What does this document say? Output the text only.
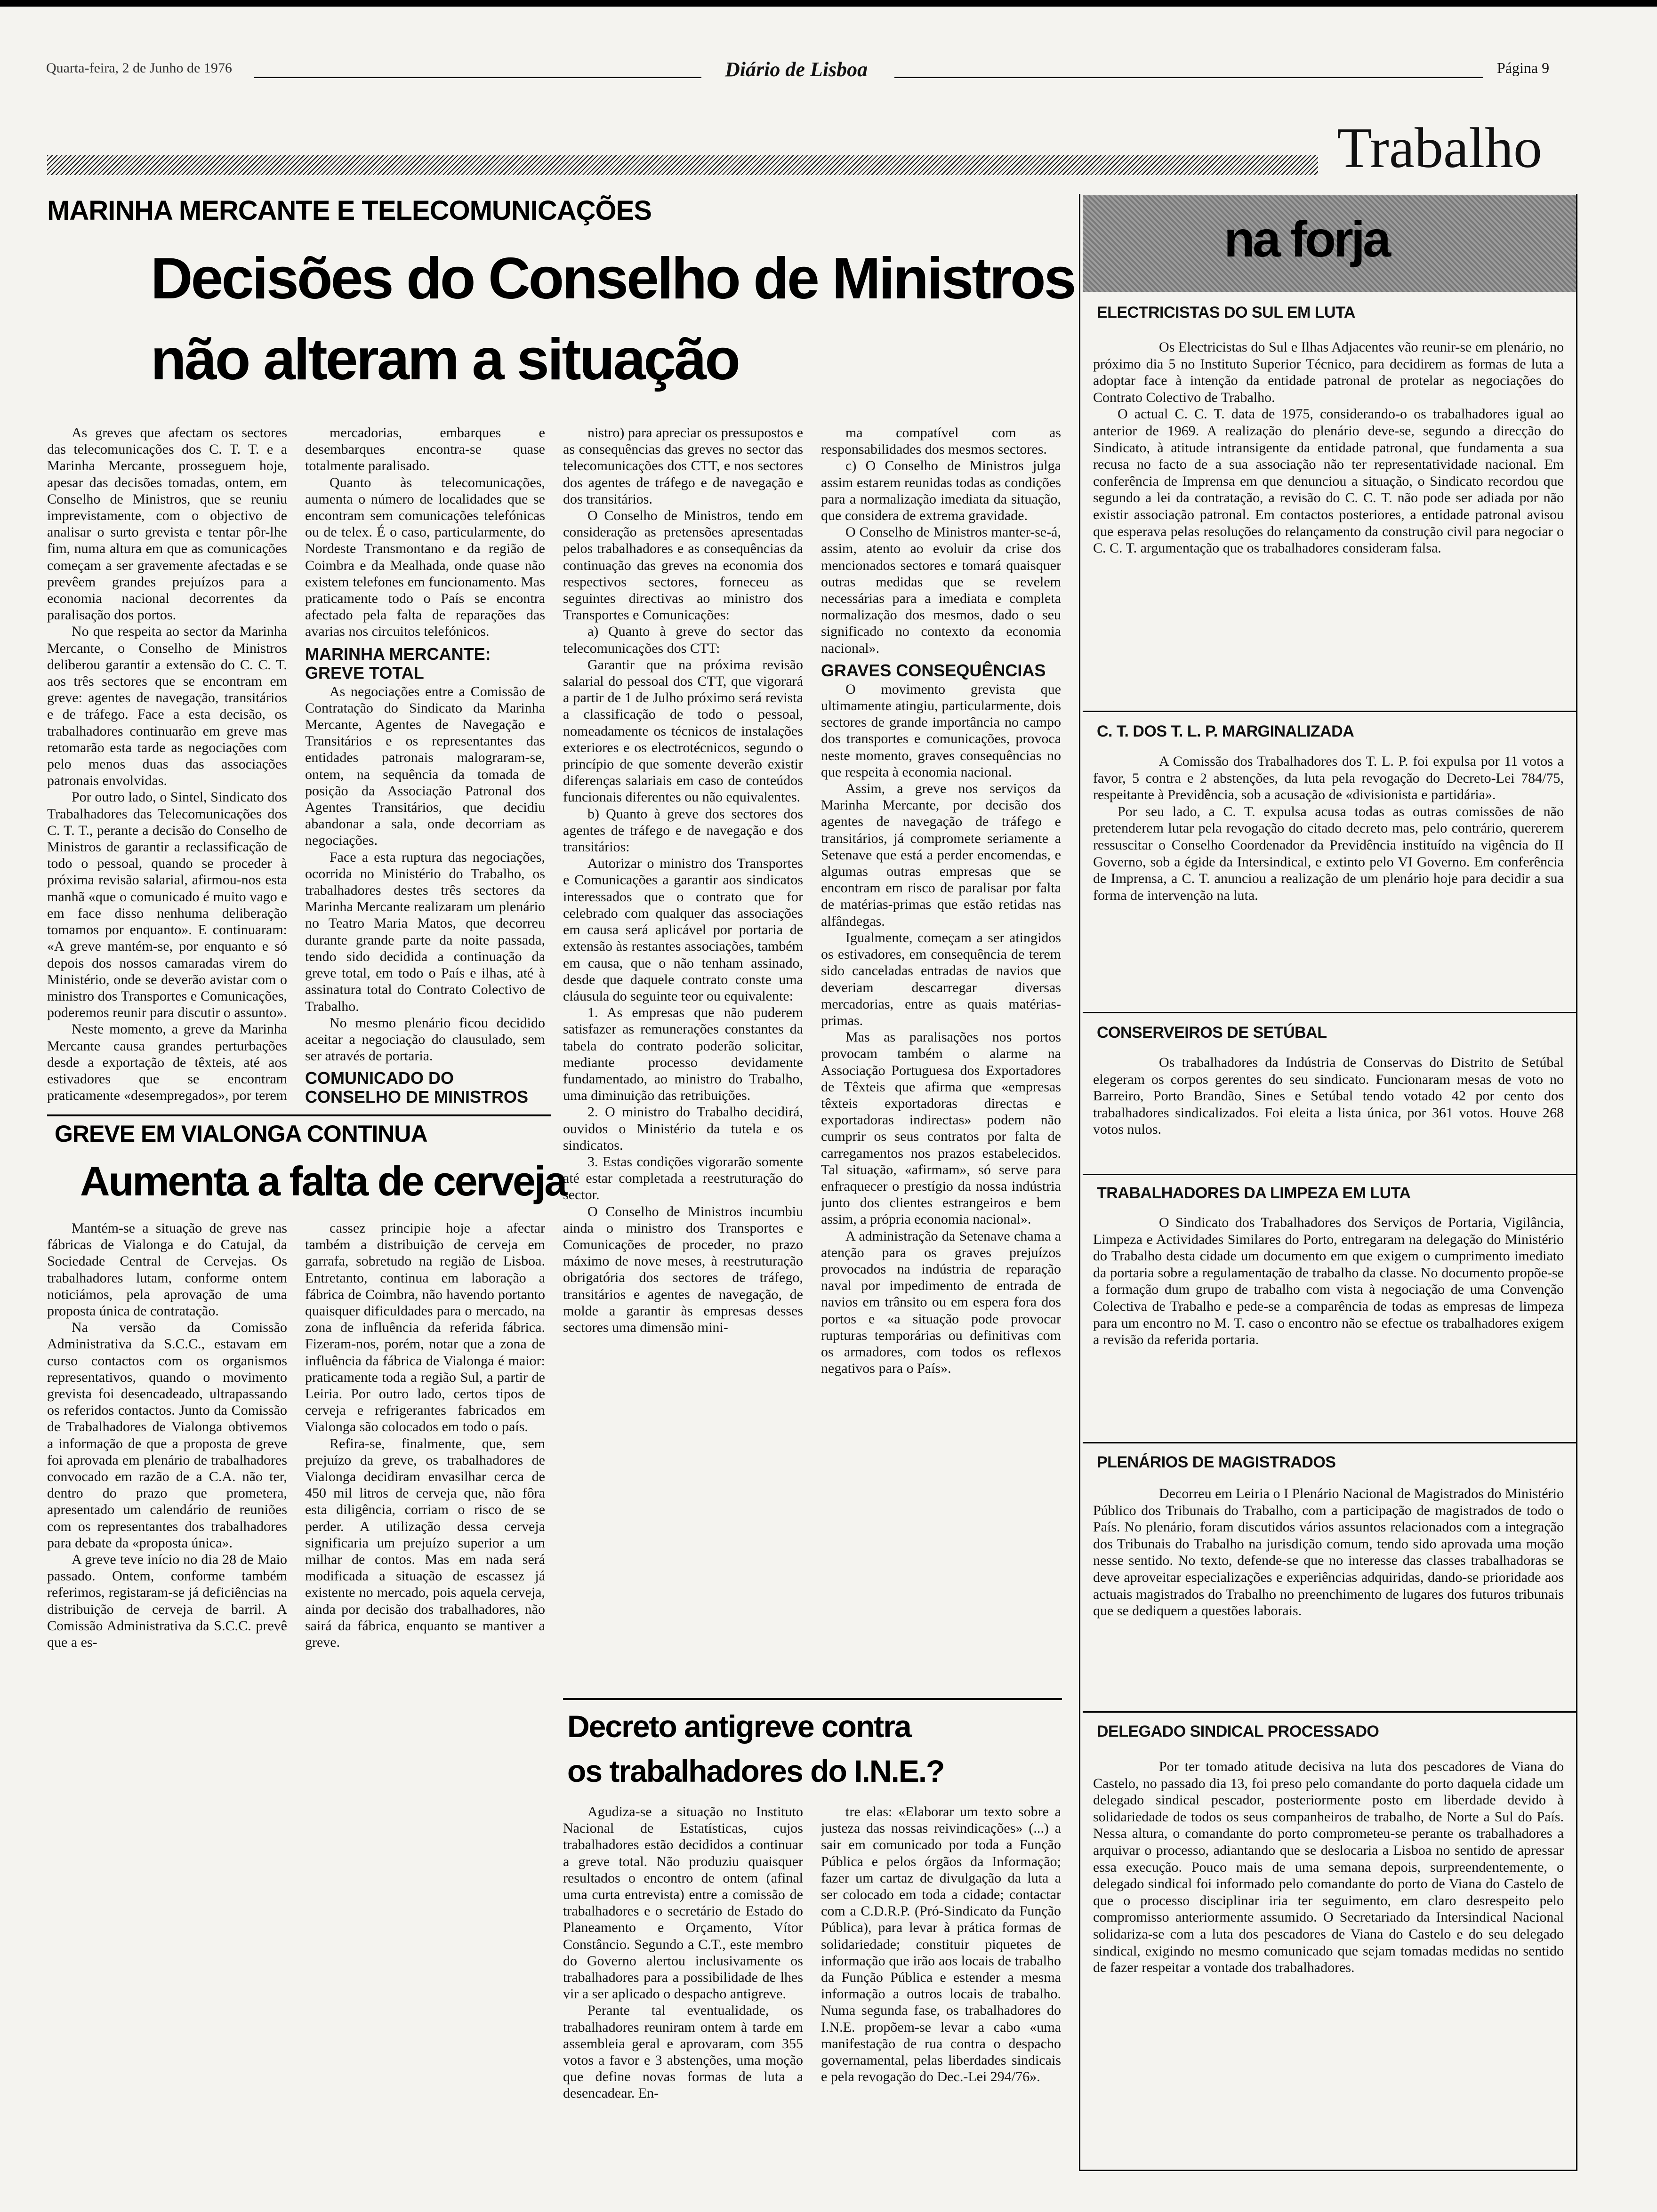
Quarta-feira, 2 de Junho de 1976	Diário de Lisboa	Página 9
Trabalho
MARINHA MERCANTE E TELECOMUNICAÇÕES
Decisões do Conselho de Ministros
não alteram a situação

As greves que afectam os sectores das telecomunicações dos C. T. T. e a Marinha Mercante, prosseguem hoje, apesar das decisões tomadas, ontem, em Conselho de Ministros, que se reuniu imprevistamente, com o objectivo de analisar o surto grevista e tentar pôr-lhe fim, numa altura em que as comunicações começam a ser gravemente afectadas e se prevêem grandes prejuízos para a economia nacional decorrentes da paralisação dos portos.

No que respeita ao sector da Marinha Mercante, o Conselho de Ministros deliberou garantir a extensão do C. C. T. aos três sectores que se encontram em greve: agentes de navegação, transitários e de tráfego. Face a esta decisão, os trabalhadores continuarão em greve mas retomarão esta tarde as negociações com pelo menos duas das associações patronais envolvidas.

Por outro lado, o Sintel, Sindicato dos Trabalhadores das Telecomunicações dos C. T. T., perante a decisão do Conselho de Ministros de garantir a reclassificação de todo o pessoal, quando se proceder à próxima revisão salarial, afirmou-nos esta manhã «que o comunicado é muito vago e em face disso nenhuma deliberação tomamos por enquanto». E continuaram: «A greve mantém-se, por enquanto e só depois dos nossos camaradas virem do Ministério, onde se deverão avistar com o ministro dos Transportes e Comunicações, poderemos reunir para discutir o assunto».

Neste momento, a greve da Marinha Mercante causa grandes perturbações desde a exportação de têxteis, até aos estivadores que se encontram praticamente «desempregados», por terem

mercadorias, embarques e desembarques encontra-se quase totalmente paralisado.

Quanto às telecomunicações, aumenta o número de localidades que se encontram sem comunicações telefónicas ou de telex. É o caso, particularmente, do Nordeste Transmontano e da região de Coimbra e da Mealhada, onde quase não existem telefones em funcionamento. Mas praticamente todo o País se encontra afectado pela falta de reparações das avarias nos circuitos telefónicos.

MARINHA MERCANTE: GREVE TOTAL

As negociações entre a Comissão de Contratação do Sindicato da Marinha Mercante, Agentes de Navegação e Transitários e os representantes das entidades patronais malograram-se, ontem, na sequência da tomada de posição da Associação Patronal dos Agentes Transitários, que decidiu abandonar a sala, onde decorriam as negociações.

Face a esta ruptura das negociações, ocorrida no Ministério do Trabalho, os trabalhadores destes três sectores da Marinha Mercante realizaram um plenário no Teatro Maria Matos, que decorreu durante grande parte da noite passada, tendo sido decidida a continuação da greve total, em todo o País e ilhas, até à assinatura total do Contrato Colectivo de Trabalho.

No mesmo plenário ficou decidido aceitar a negociação do clausulado, sem ser através de portaria.

COMUNICADO DO CONSELHO DE MINISTROS

nistro) para apreciar os pressupostos e as consequências das greves no sector das telecomunicações dos CTT, e nos sectores dos agentes de tráfego e de navegação e dos transitários.

O Conselho de Ministros, tendo em consideração as pretensões apresentadas pelos trabalhadores e as consequências da continuação das greves na economia dos respectivos sectores, forneceu as seguintes directivas ao ministro dos Transportes e Comunicações:

a) Quanto à greve do sector das telecomunicações dos CTT:

Garantir que na próxima revisão salarial do pessoal dos CTT, que vigorará a partir de 1 de Julho próximo será revista a classificação de todo o pessoal, nomeadamente os técnicos de instalações exteriores e os electrotécnicos, segundo o princípio de que somente deverão existir diferenças salariais em caso de conteúdos funcionais diferentes ou não equivalentes.

b) Quanto à greve dos sectores dos agentes de tráfego e de navegação e dos transitários:

Autorizar o ministro dos Transportes e Comunicações a garantir aos sindicatos interessados que o contrato que for celebrado com qualquer das associações em causa será aplicável por portaria de extensão às restantes associações, também em causa, que o não tenham assinado, desde que daquele contrato conste uma cláusula do seguinte teor ou equivalente:

1. As empresas que não puderem satisfazer as remunerações constantes da tabela do contrato poderão solicitar, mediante processo devidamente fundamentado, ao ministro do Trabalho, uma diminuição das retribuições.

2. O ministro do Trabalho decidirá, ouvidos o Ministério da tutela e os sindicatos.

3. Estas condições vigorarão somente até estar completada a reestruturação do sector.

O Conselho de Ministros incumbiu ainda o ministro dos Transportes e Comunicações de proceder, no prazo máximo de nove meses, à reestruturação obrigatória dos sectores de tráfego, transitários e agentes de navegação, de molde a garantir às empresas desses sectores uma dimensão mini-

ma compatível com as responsabilidades dos mesmos sectores.

c) O Conselho de Ministros julga assim estarem reunidas todas as condições para a normalização imediata da situação, que considera de extrema gravidade.

O Conselho de Ministros manter-se-á, assim, atento ao evoluir da crise dos mencionados sectores e tomará quaisquer outras medidas que se revelem necessárias para a imediata e completa normalização dos mesmos, dado o seu significado no contexto da economia nacional».

GRAVES CONSEQUÊNCIAS

O movimento grevista que ultimamente atingiu, particularmente, dois sectores de grande importância no campo dos transportes e comunicações, provoca neste momento, graves consequências no que respeita à economia nacional.

Assim, a greve nos serviços da Marinha Mercante, por decisão dos agentes de navegação de tráfego e transitários, já compromete seriamente a Setenave que está a perder encomendas, e algumas outras empresas que se encontram em risco de paralisar por falta de matérias-primas que estão retidas nas alfândegas.

Igualmente, começam a ser atingidos os estivadores, em consequência de terem sido canceladas entradas de navios que deveriam descarregar diversas mercadorias, entre as quais matérias-primas.

Mas as paralisações nos portos provocam também o alarme na Associação Portuguesa dos Exportadores de Têxteis que afirma que «empresas têxteis exportadoras directas e exportadoras indirectas» podem não cumprir os seus contratos por falta de carregamentos nos prazos estabelecidos. Tal situação, «afirmam», só serve para enfraquecer o prestígio da nossa indústria junto dos clientes estrangeiros e bem assim, a própria economia nacional».

A administração da Setenave chama a atenção para os graves prejuízos provocados na indústria de reparação naval por impedimento de entrada de navios em trânsito ou em espera fora dos portos e «a situação pode provocar rupturas temporárias ou definitivas com os armadores, com todos os reflexos negativos para o País».

GREVE EM VIALONGA CONTINUA
Aumenta a falta de cerveja

Mantém-se a situação de greve nas fábricas de Vialonga e do Catujal, da Sociedade Central de Cervejas. Os trabalhadores lutam, conforme ontem noticiámos, pela aprovação de uma proposta única de contratação.

Na versão da Comissão Administrativa da S.C.C., estavam em curso contactos com os organismos representativos, quando o movimento grevista foi desencadeado, ultrapassando os referidos contactos. Junto da Comissão de Trabalhadores de Vialonga obtivemos a informação de que a proposta de greve foi aprovada em plenário de trabalhadores convocado em razão de a C.A. não ter, dentro do prazo que prometera, apresentado um calendário de reuniões com os representantes dos trabalhadores para debate da «proposta única».

A greve teve início no dia 28 de Maio passado. Ontem, conforme também referimos, registaram-se já deficiências na distribuição de cerveja de barril. A Comissão Administrativa da S.C.C. prevê que a es-

cassez principie hoje a afectar também a distribuição de cerveja em garrafa, sobretudo na região de Lisboa. Entretanto, continua em laboração a fábrica de Coimbra, não havendo portanto quaisquer dificuldades para o mercado, na zona de influência da referida fábrica. Fizeram-nos, porém, notar que a zona de influência da fábrica de Vialonga é maior: praticamente toda a região Sul, a partir de Leiria. Por outro lado, certos tipos de cerveja e refrigerantes fabricados em Vialonga são colocados em todo o país.

Refira-se, finalmente, que, sem prejuízo da greve, os trabalhadores de Vialonga decidiram envasilhar cerca de 450 mil litros de cerveja que, não fôra esta diligência, corriam o risco de se perder. A utilização dessa cerveja significaria um prejuízo superior a um milhar de contos. Mas em nada será modificada a situação de escassez já existente no mercado, pois aquela cerveja, ainda por decisão dos trabalhadores, não sairá da fábrica, enquanto se mantiver a greve.

Decreto antigreve contra
os trabalhadores do I.N.E.?

Agudiza-se a situação no Instituto Nacional de Estatísticas, cujos trabalhadores estão decididos a continuar a greve total. Não produziu quaisquer resultados o encontro de ontem (afinal uma curta entrevista) entre a comissão de trabalhadores e o secretário de Estado do Planeamento e Orçamento, Vítor Constâncio. Segundo a C.T., este membro do Governo alertou inclusivamente os trabalhadores para a possibilidade de lhes vir a ser aplicado o despacho antigreve.

Perante tal eventualidade, os trabalhadores reuniram ontem à tarde em assembleia geral e aprovaram, com 355 votos a favor e 3 abstenções, uma moção que define novas formas de luta a desencadear. En-

tre elas: «Elaborar um texto sobre a justeza das nossas reivindicações» (...) a sair em comunicado por toda a Função Pública e pelos órgãos da Informação; fazer um cartaz de divulgação da luta a ser colocado em toda a cidade; contactar com a C.D.R.P. (Pró-Sindicato da Função Pública), para levar à prática formas de solidariedade; constituir piquetes de informação que irão aos locais de trabalho da Função Pública e estender a mesma informação a outros locais de trabalho. Numa segunda fase, os trabalhadores do I.N.E. propõem-se levar a cabo «uma manifestação de rua contra o despacho governamental, pelas liberdades sindicais e pela revogação do Dec.-Lei 294/76».

na forja
ELECTRICISTAS DO SUL EM LUTA

Os Electricistas do Sul e Ilhas Adjacentes vão reunir-se em plenário, no próximo dia 5 no Instituto Superior Técnico, para decidirem as formas de luta a adoptar face à intenção da entidade patronal de protelar as negociações do Contrato Colectivo de Trabalho.

O actual C. C. T. data de 1975, considerando-o os trabalhadores igual ao anterior de 1969. A realização do plenário deve-se, segundo a direcção do Sindicato, à atitude intransigente da entidade patronal, que fundamenta a sua recusa no facto de a sua associação não ter representatividade nacional. Em conferência de Imprensa em que denunciou a situação, o Sindicato recordou que segundo a lei da contratação, a revisão do C. C. T. não pode ser adiada por não existir associação patronal. Em contactos posteriores, a entidade patronal avisou que esperava pelas resoluções do relançamento da construção civil para negociar o C. C. T. argumentação que os trabalhadores consideram falsa.

C. T. DOS T. L. P. MARGINALIZADA

A Comissão dos Trabalhadores dos T. L. P. foi expulsa por 11 votos a favor, 5 contra e 2 abstenções, da luta pela revogação do Decreto-Lei 784/75, respeitante à Previdência, sob a acusação de «divisionista e partidária».

Por seu lado, a C. T. expulsa acusa todas as outras comissões de não pretenderem lutar pela revogação do citado decreto mas, pelo contrário, quererem ressuscitar o Conselho Coordenador da Previdência instituído na vigência do II Governo, sob a égide da Intersindical, e extinto pelo VI Governo. Em conferência de Imprensa, a C. T. anunciou a realização de um plenário hoje para decidir a sua forma de intervenção na luta.

CONSERVEIROS DE SETÚBAL

Os trabalhadores da Indústria de Conservas do Distrito de Setúbal elegeram os corpos gerentes do seu sindicato. Funcionaram mesas de voto no Barreiro, Porto Brandão, Sines e Setúbal tendo votado 42 por cento dos trabalhadores sindicalizados. Foi eleita a lista única, por 361 votos. Houve 268 votos nulos.

TRABALHADORES DA LIMPEZA EM LUTA

O Sindicato dos Trabalhadores dos Serviços de Portaria, Vigilância, Limpeza e Actividades Similares do Porto, entregaram na delegação do Ministério do Trabalho desta cidade um documento em que exigem o cumprimento imediato da portaria sobre a regulamentação de trabalho da classe. No documento propõe-se a formação dum grupo de trabalho com vista à negociação de uma Convenção Colectiva de Trabalho e pede-se a comparência de todas as empresas de limpeza para um encontro no M. T. caso o encontro não se efectue os trabalhadores exigem a revisão da referida portaria.

PLENÁRIOS DE MAGISTRADOS

Decorreu em Leiria o I Plenário Nacional de Magistrados do Ministério Público dos Tribunais do Trabalho, com a participação de magistrados de todo o País. No plenário, foram discutidos vários assuntos relacionados com a integração dos Tribunais do Trabalho na jurisdição comum, tendo sido aprovada uma moção nesse sentido. No texto, defende-se que no interesse das classes trabalhadoras se deve aproveitar especializações e experiências adquiridas, dando-se prioridade aos actuais magistrados do Trabalho no preenchimento de lugares dos futuros tribunais que se dediquem a questões laborais.

DELEGADO SINDICAL PROCESSADO

Por ter tomado atitude decisiva na luta dos pescadores de Viana do Castelo, no passado dia 13, foi preso pelo comandante do porto daquela cidade um delegado sindical pescador, posteriormente posto em liberdade devido à solidariedade de todos os seus companheiros de trabalho, de Norte a Sul do País. Nessa altura, o comandante do porto comprometeu-se perante os trabalhadores a arquivar o processo, adiantando que se deslocaria a Lisboa no sentido de apressar essa execução. Pouco mais de uma semana depois, surpreendentemente, o delegado sindical foi informado pelo comandante do porto de Viana do Castelo de que o processo disciplinar iria ter seguimento, em claro desrespeito pelo compromisso anteriormente assumido. O Secretariado da Intersindical Nacional solidariza-se com a luta dos pescadores de Viana do Castelo e do seu delegado sindical, exigindo no mesmo comunicado que sejam tomadas medidas no sentido de fazer respeitar a vontade dos trabalhadores.
